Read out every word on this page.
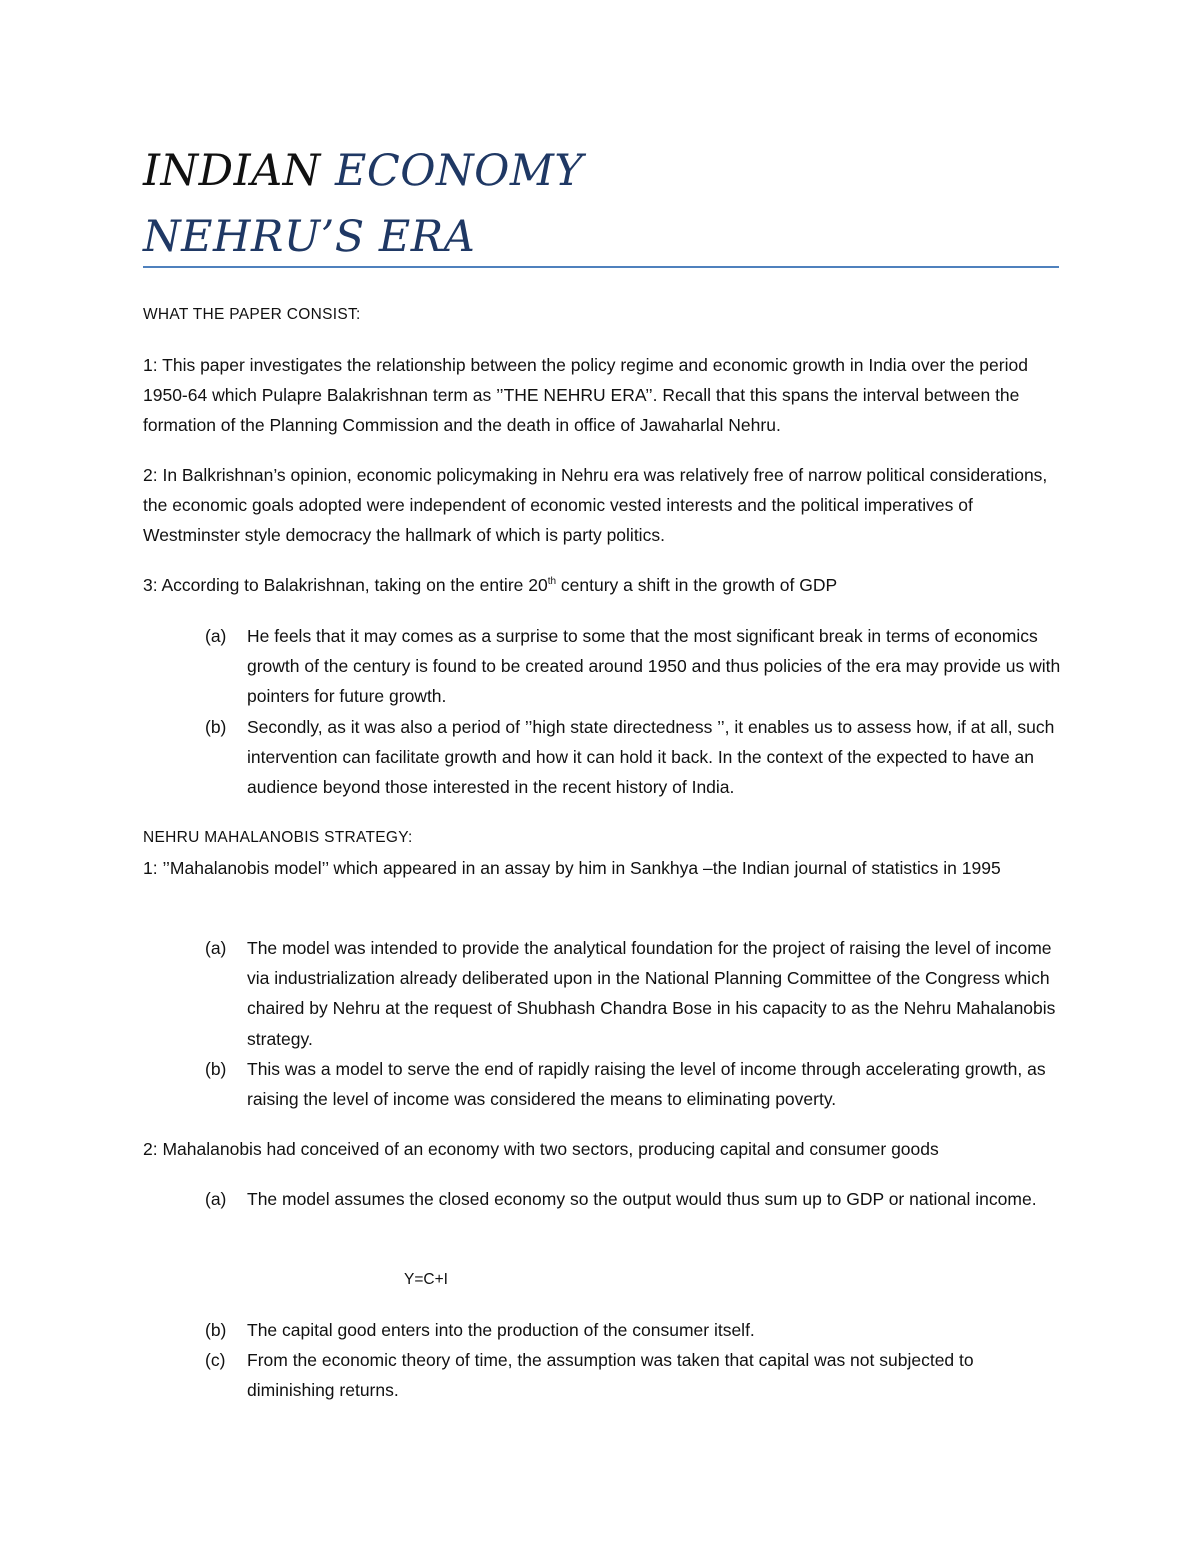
INDIAN ECONOMY
NEHRU’S ERA
WHAT THE PAPER CONSIST:
1: This paper investigates the relationship between the policy regime and economic growth in India over the period 1950-64 which Pulapre Balakrishnan term as ’’THE NEHRU ERA’’. Recall that this spans the interval between the formation of the Planning Commission and the death in office of Jawaharlal Nehru.
2: In Balkrishnan’s opinion, economic policymaking in Nehru era was relatively free of narrow political considerations, the economic goals adopted were independent of economic vested interests and the political imperatives of Westminster style democracy the hallmark of which is party politics.
3: According to Balakrishnan, taking on the entire 20th century a shift in the growth of GDP
(a) He feels that it may comes as a surprise to some that the most significant break in terms of economics growth of the century is found to be created around 1950 and thus policies of the era may provide us with pointers for future growth.
(b) Secondly, as it was also a period of ’’high state directedness ’’, it enables us to assess how, if at all, such intervention can facilitate growth and how it can hold it back. In the context of the expected to have an audience beyond those interested in the recent history of India.
NEHRU MAHALANOBIS STRATEGY:
1: ’’Mahalanobis model’’ which appeared in an assay by him in Sankhya –the Indian journal of statistics in 1995
(a) The model was intended to provide the analytical foundation for the project of raising the level of income via industrialization already deliberated upon in the National Planning Committee of the Congress which chaired by Nehru at the request of Shubhash Chandra Bose in his capacity to as the Nehru Mahalanobis strategy.
(b) This was a model to serve the end of rapidly raising the level of income through accelerating growth, as raising the level of income was considered the means to eliminating poverty.
2: Mahalanobis had conceived of an economy with two sectors, producing capital and consumer goods
(a) The model assumes the closed economy so the output would thus sum up to GDP or national income.
Y=C+I
(b) The capital good enters into the production of the consumer itself.
(c) From the economic theory of time, the assumption was taken that capital was not subjected to diminishing returns.
